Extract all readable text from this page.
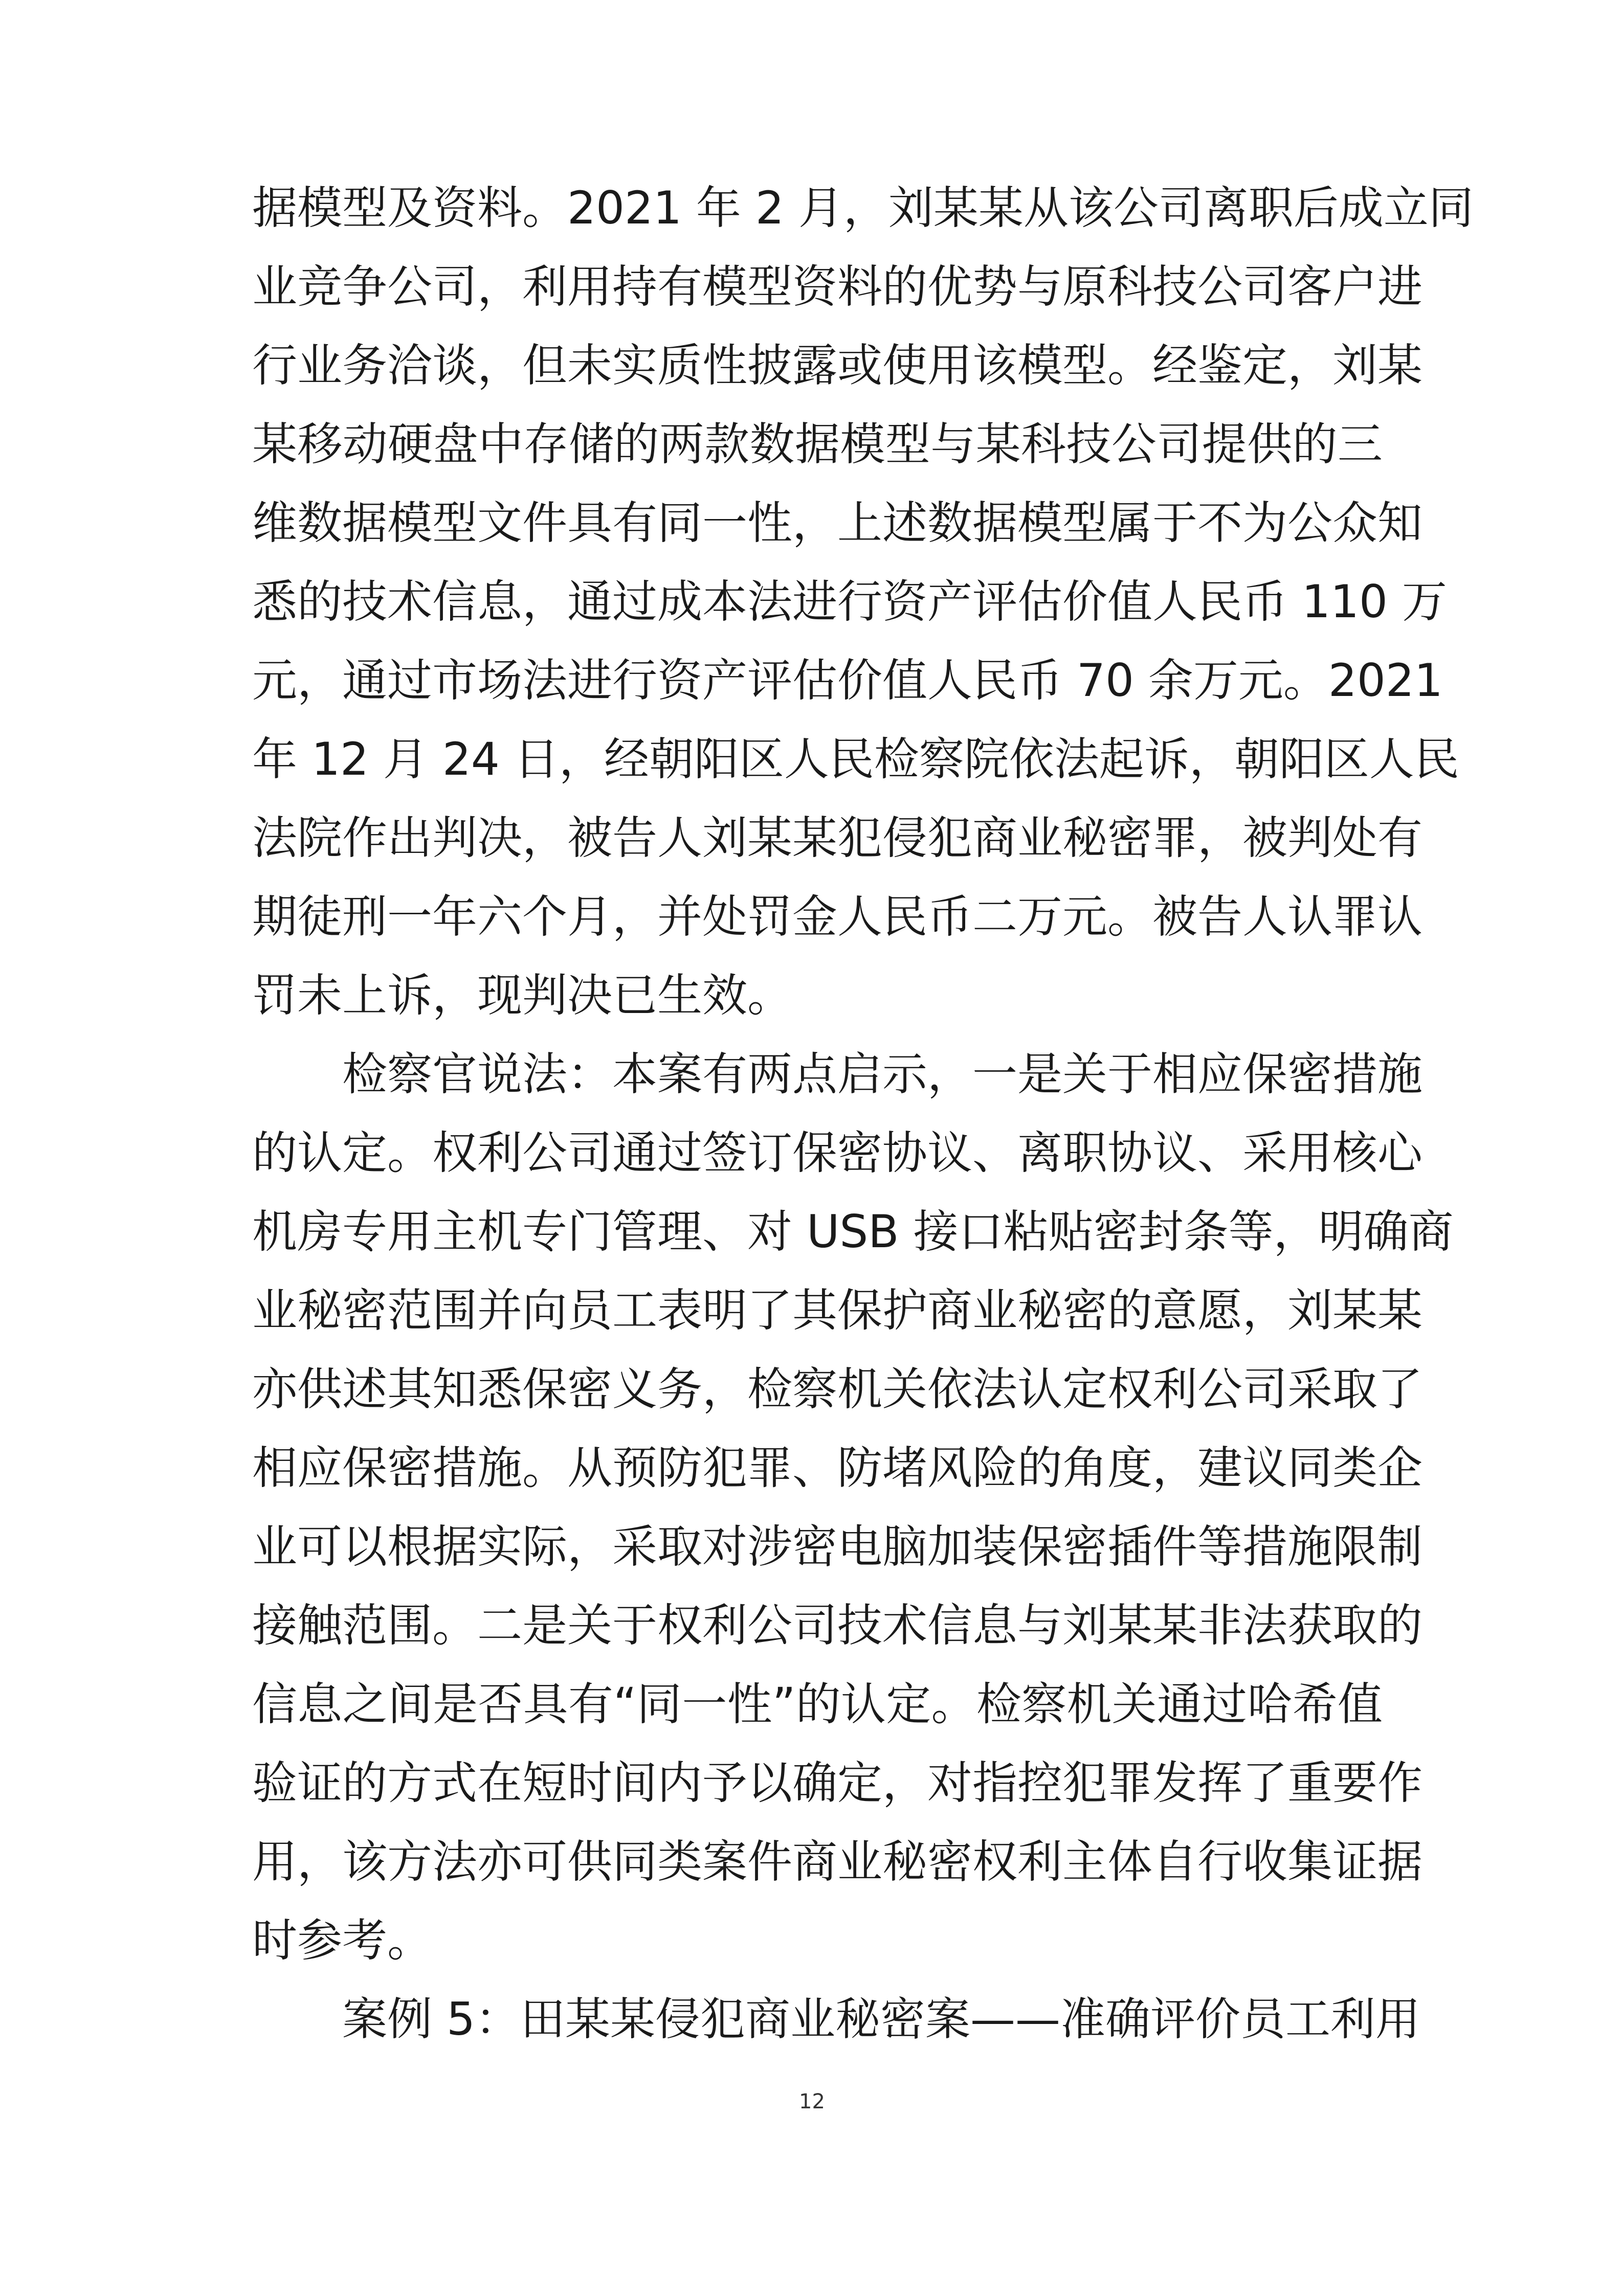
据模型及资料。2021 年 2 月，刘某某从该公司离职后成立同
业竞争公司，利用持有模型资料的优势与原科技公司客户进
行业务洽谈，但未实质性披露或使用该模型。经鉴定，刘某
某移动硬盘中存储的两款数据模型与某科技公司提供的三
维数据模型文件具有同一性，上述数据模型属于不为公众知
悉的技术信息，通过成本法进行资产评估价值人民币 110 万
元，通过市场法进行资产评估价值人民币 70 余万元。2021
年 12 月 24 日，经朝阳区人民检察院依法起诉，朝阳区人民
法院作出判决，被告人刘某某犯侵犯商业秘密罪，被判处有
期徒刑一年六个月，并处罚金人民币二万元。被告人认罪认
罚未上诉，现判决已生效。
检察官说法：本案有两点启示，一是关于相应保密措施
的认定。权利公司通过签订保密协议、离职协议、采用核心
机房专用主机专门管理、对 USB 接口粘贴密封条等，明确商
业秘密范围并向员工表明了其保护商业秘密的意愿，刘某某
亦供述其知悉保密义务，检察机关依法认定权利公司采取了
相应保密措施。从预防犯罪、防堵风险的角度，建议同类企
业可以根据实际，采取对涉密电脑加装保密插件等措施限制
接触范围。二是关于权利公司技术信息与刘某某非法获取的
信息之间是否具有“同一性”的认定。检察机关通过哈希值
验证的方式在短时间内予以确定，对指控犯罪发挥了重要作
用，该方法亦可供同类案件商业秘密权利主体自行收集证据
时参考。
案例 5：田某某侵犯商业秘密案——准确评价员工利用
12
